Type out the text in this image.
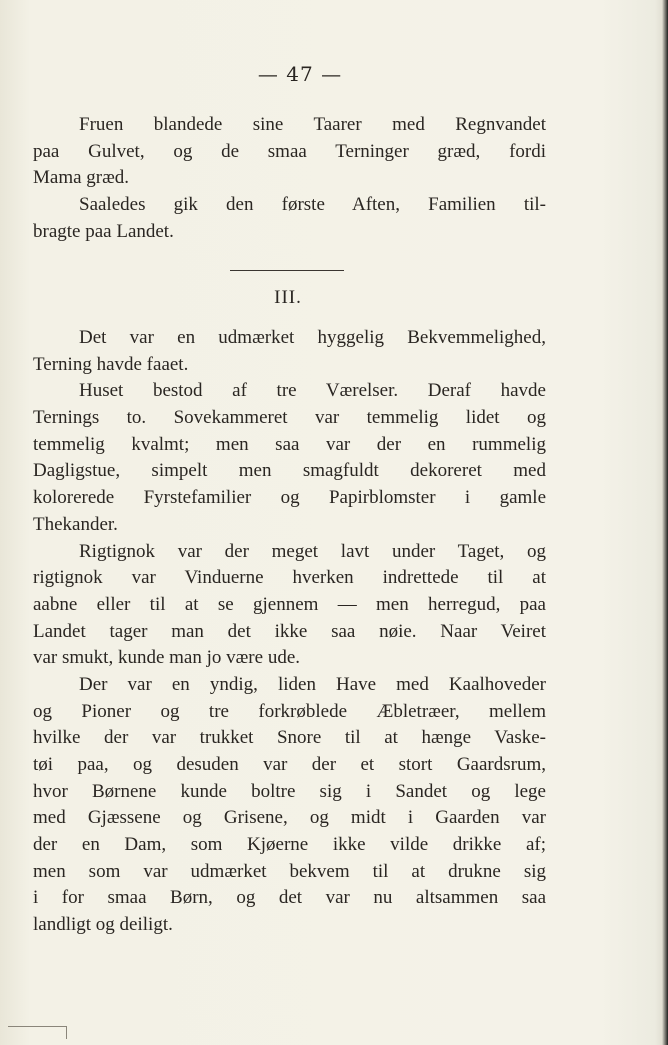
— 47 —
Fruen blandede sine Taarer med Regnvandet
paa Gulvet, og de smaa Terninger græd, fordi
Mama græd.
Saaledes gik den første Aften, Familien til-
bragte paa Landet.
III.
Det var en udmærket hyggelig Bekvemmelighed,
Terning havde faaet.
Huset bestod af tre Værelser. Deraf havde
Ternings to. Sovekammeret var temmelig lidet og
temmelig kvalmt; men saa var der en rummelig
Dagligstue, simpelt men smagfuldt dekoreret med
kolorerede Fyrstefamilier og Papirblomster i gamle
Thekander.
Rigtignok var der meget lavt under Taget, og
rigtignok var Vinduerne hverken indrettede til at
aabne eller til at se gjennem — men herregud, paa
Landet tager man det ikke saa nøie. Naar Veiret
var smukt, kunde man jo være ude.
Der var en yndig, liden Have med Kaalhoveder
og Pioner og tre forkrøblede Æbletræer, mellem
hvilke der var trukket Snore til at hænge Vaske-
tøi paa, og desuden var der et stort Gaardsrum,
hvor Børnene kunde boltre sig i Sandet og lege
med Gjæssene og Grisene, og midt i Gaarden var
der en Dam, som Kjøerne ikke vilde drikke af;
men som var udmærket bekvem til at drukne sig
i for smaa Børn, og det var nu altsammen saa
landligt og deiligt.
